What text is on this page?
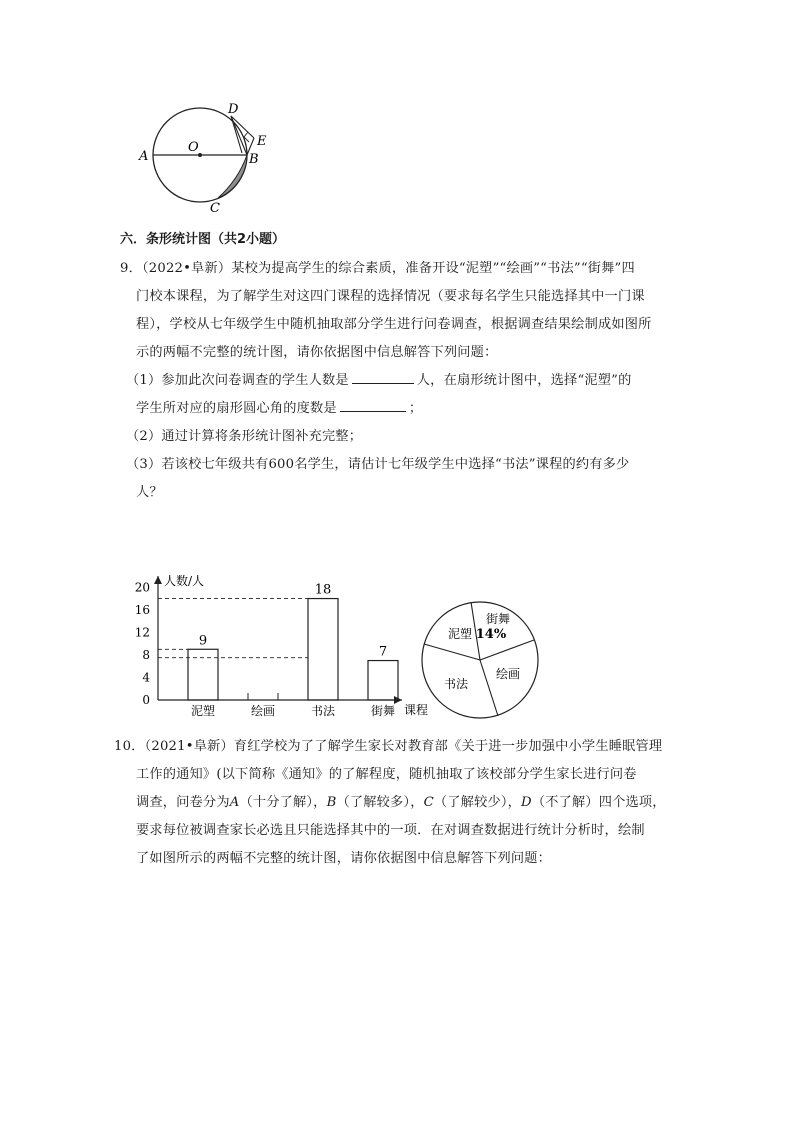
A
O
B
C
D
E
六．条形统计图（共2小题）
9．（2022•阜新）某校为提高学生的综合素质，准备开设“泥塑”“绘画”“书法”“街舞”四
门校本课程，为了解学生对这四门课程的选择情况（要求每名学生只能选择其中一门课
程），学校从七年级学生中随机抽取部分学生进行问卷调查，根据调查结果绘制成如图所
示的两幅不完整的统计图，请你依据图中信息解答下列问题：
（1）参加此次问卷调查的学生人数是	人，在扇形统计图中，选择“泥塑”的
学生所对应的扇形圆心角的度数是	；
（2）通过计算将条形统计图补充完整；
（3）若该校七年级共有600名学生，请估计七年级学生中选择“书法”课程的约有多少
人？
人数/人
课程
0
4
8
12
16
20
9
泥塑	绘画
18
书法
7
街舞
街舞
绘画
书法
泥塑 14%
10．（2021•阜新）育红学校为了了解学生家长对教育部《关于进一步加强中小学生睡眠管理
工作的通知》(以下简称《通知》的了解程度，随机抽取了该校部分学生家长进行问卷
调查，问卷分为A（十分了解），B（了解较多），C（了解较少），D（不了解）四个选项，
要求每位被调查家长必选且只能选择其中的一项．在对调查数据进行统计分析时，绘制
了如图所示的两幅不完整的统计图，请你依据图中信息解答下列问题：
